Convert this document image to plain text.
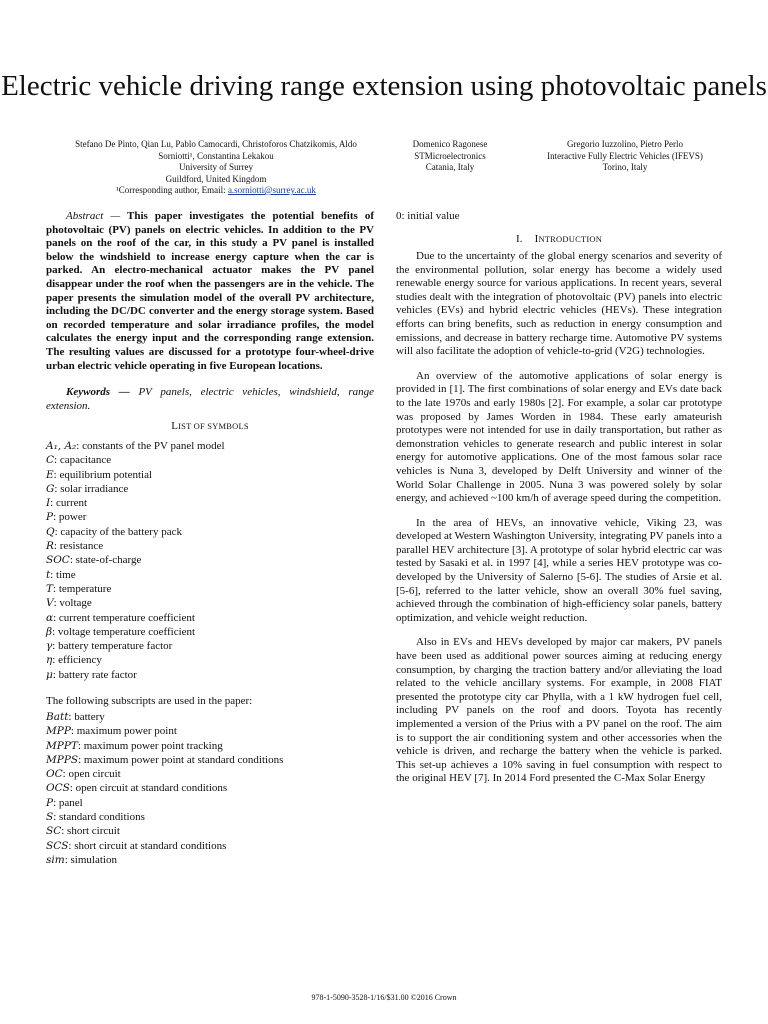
Electric vehicle driving range extension using photovoltaic panels
Stefano De Pinto, Qian Lu, Pablo Camocardi, Christoforos Chatzikomis, Aldo
Sorniotti¹, Constantina Lekakou
University of Surrey
Guildford, United Kingdom
¹Corresponding author, Email: a.sorniotti@surrey.ac.uk
Domenico Ragonese
STMicroelectronics
Catania, Italy
Gregorio Iuzzolino, Pietro Perlo
Interactive Fully Electric Vehicles (IFEVS)
Torino, Italy
Abstract — This paper investigates the potential benefits of photovoltaic (PV) panels on electric vehicles. In addition to the PV panels on the roof of the car, in this study a PV panel is installed below the windshield to increase energy capture when the car is parked. An electro-mechanical actuator makes the PV panel disappear under the roof when the passengers are in the vehicle. The paper presents the simulation model of the overall PV architecture, including the DC/DC converter and the energy storage system. Based on recorded temperature and solar irradiance profiles, the model calculates the energy input and the corresponding range extension. The resulting values are discussed for a prototype four-wheel-drive urban electric vehicle operating in five European locations.
Keywords — PV panels, electric vehicles, windshield, range extension.
LIST OF SYMBOLS
A₁, A₂: constants of the PV panel model
C: capacitance
E: equilibrium potential
G: solar irradiance
I: current
P: power
Q: capacity of the battery pack
R: resistance
SOC: state-of-charge
t: time
T: temperature
V: voltage
α: current temperature coefficient
β: voltage temperature coefficient
γ: battery temperature factor
η: efficiency
μ: battery rate factor
The following subscripts are used in the paper:
Batt: battery
MPP: maximum power point
MPPT: maximum power point tracking
MPPS: maximum power point at standard conditions
OC: open circuit
OCS: open circuit at standard conditions
P: panel
S: standard conditions
SC: short circuit
SCS: short circuit at standard conditions
sim: simulation
0: initial value
I. INTRODUCTION

Due to the uncertainty of the global energy scenarios and severity of the environmental pollution, solar energy has become a widely used renewable energy source for various applications. In recent years, several studies dealt with the integration of photovoltaic (PV) panels into electric vehicles (EVs) and hybrid electric vehicles (HEVs). These integration efforts can bring benefits, such as reduction in energy consumption and emissions, and decrease in battery recharge time. Automotive PV systems will also facilitate the adoption of vehicle-to-grid (V2G) technologies.

An overview of the automotive applications of solar energy is provided in [1]. The first combinations of solar energy and EVs date back to the late 1970s and early 1980s [2]. For example, a solar car prototype was proposed by James Worden in 1984. These early amateurish prototypes were not intended for use in daily transportation, but rather as demonstration vehicles to generate research and public interest in solar energy for automotive applications. One of the most famous solar race vehicles is Nuna 3, developed by Delft University and winner of the World Solar Challenge in 2005. Nuna 3 was powered solely by solar energy, and achieved ~100 km/h of average speed during the competition.

In the area of HEVs, an innovative vehicle, Viking 23, was developed at Western Washington University, integrating PV panels into a parallel HEV architecture [3]. A prototype of solar hybrid electric car was tested by Sasaki et al. in 1997 [4], while a series HEV prototype was co-developed by the University of Salerno [5-6]. The studies of Arsie et al. [5-6], referred to the latter vehicle, show an overall 30% fuel saving, achieved through the combination of high-efficiency solar panels, battery optimization, and vehicle weight reduction.

Also in EVs and HEVs developed by major car makers, PV panels have been used as additional power sources aiming at reducing energy consumption, by charging the traction battery and/or alleviating the load related to the vehicle ancillary systems. For example, in 2008 FIAT presented the prototype city car Phylla, with a 1 kW hydrogen fuel cell, including PV panels on the roof and doors. Toyota has recently implemented a version of the Prius with a PV panel on the roof. The aim is to support the air conditioning system and other accessories when the vehicle is driven, and recharge the battery when the vehicle is parked. This set-up achieves a 10% saving in fuel consumption with respect to the original HEV [7]. In 2014 Ford presented the C-Max Solar Energy

978-1-5090-3528-1/16/$31.00 ©2016 Crown
